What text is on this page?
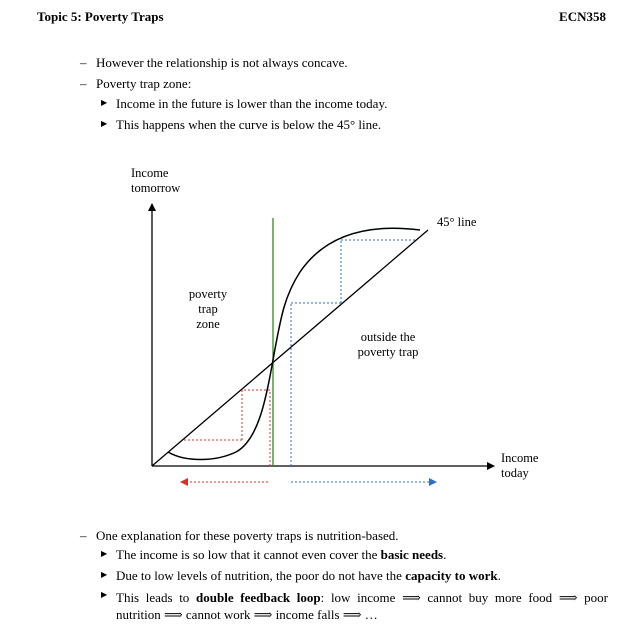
Topic 5: Poverty Traps	ECN358
– However the relationship is not always concave.
– Poverty trap zone:
▶ Income in the future is lower than the income today.
▶ This happens when the curve is below the 45° line.
Income
tomorrow
Income
today
45° line
poverty
trap
zone
outside the
poverty trap
– One explanation for these poverty traps is nutrition-based.
▶ The income is so low that it cannot even cover the basic needs.
▶ Due to low levels of nutrition, the poor do not have the capacity to work.
▶ This leads to double feedback loop: low income ⟹ cannot buy more food ⟹ poor
nutrition ⟹ cannot work ⟹ income falls ⟹ …
